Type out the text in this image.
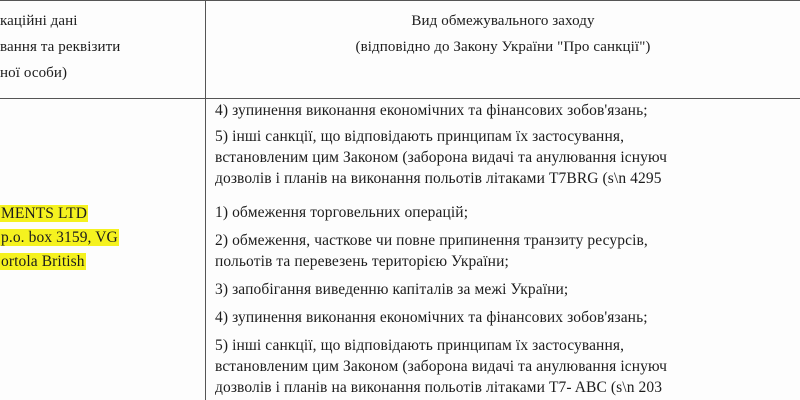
кацiйнi данi
вання та реквiзити
ної особи)
Вид обмежувального заходу
(вiдповiдно до Закону України "Про санкцiї")
MENTS LTD
p.o. box 3159, VG
ortola British
4) зупинення виконання економiчних та фiнансових зобов'язань;
5) iншi санкцiї, що вiдповiдають принципам їх застосування,
встановленим цим Законом (заборона видачi та анулювання iснуюч
дозволiв i планiв на виконання польотiв лiтаками T7BRG (s\n 4295
1) обмеження торговельних операцiй;
2) обмеження, часткове чи повне припинення транзиту ресурсiв,
польотiв та перевезень територiєю України;
3) запобiгання виведенню капiталiв за межi України;
4) зупинення виконання економiчних та фiнансових зобов'язань;
5) iншi санкцiї, що вiдповiдають принципам їх застосування,
встановленим цим Законом (заборона видачi та анулювання iснуюч
дозволiв i планiв на виконання польотiв лiтаками T7- ABC (s\n 203
